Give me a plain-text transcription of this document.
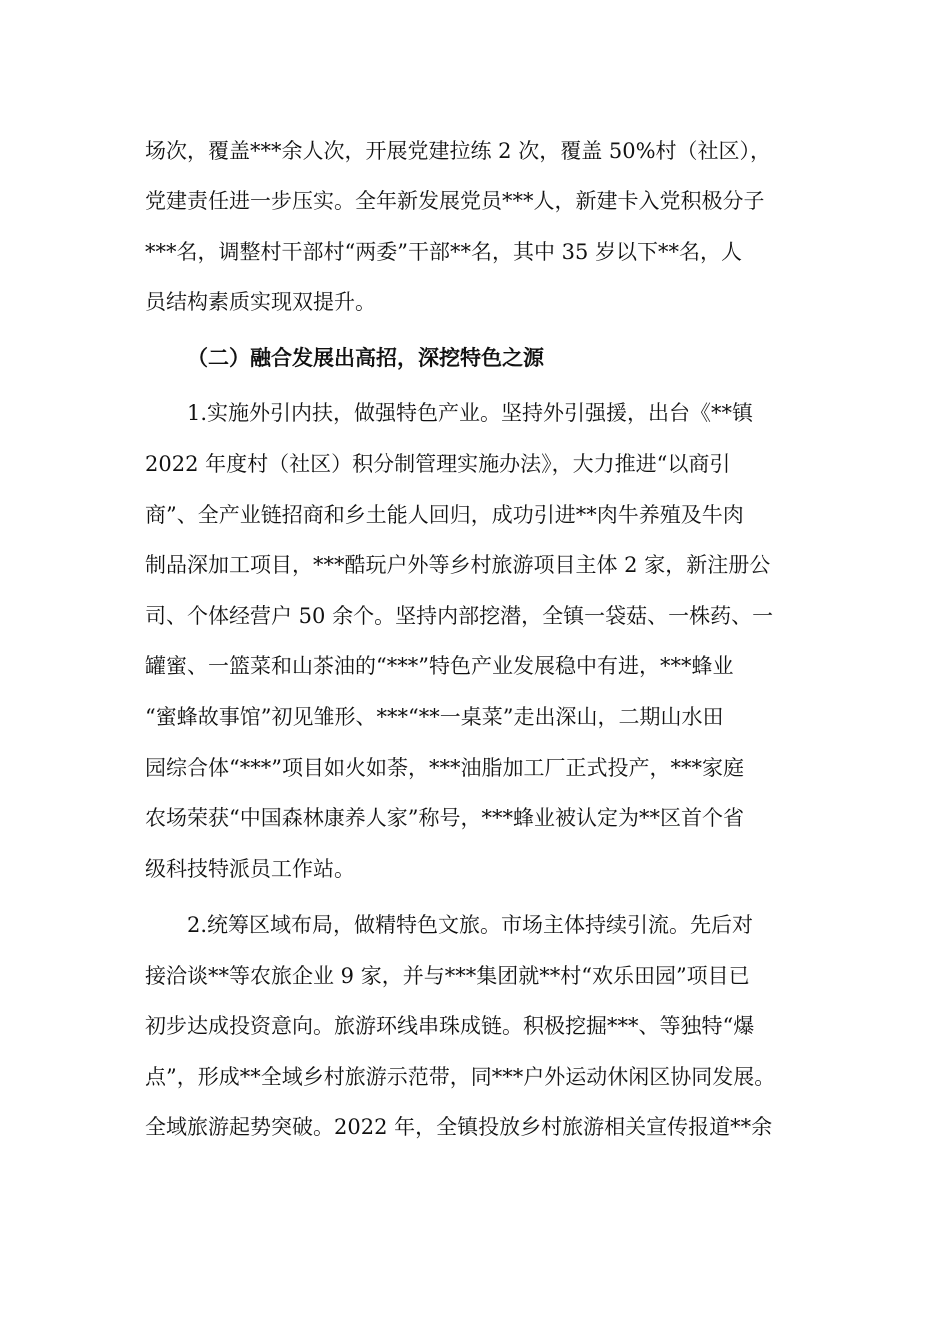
场次，覆盖***余人次，开展党建拉练 2 次，覆盖 50%村（社区），
党建责任进一步压实。全年新发展党员***人，新建卡入党积极分子
***名，调整村干部村“两委”干部**名，其中 35 岁以下**名，人
员结构素质实现双提升。
（二）融合发展出高招，深挖特色之源
1.实施外引内扶，做强特色产业。坚持外引强援，出台《**镇
2022 年度村（社区）积分制管理实施办法》，大力推进“以商引
商”、全产业链招商和乡土能人回归，成功引进**肉牛养殖及牛肉
制品深加工项目，***酷玩户外等乡村旅游项目主体 2 家，新注册公
司、个体经营户 50 余个。坚持内部挖潜，全镇一袋菇、一株药、一
罐蜜、一篮菜和山茶油的“***”特色产业发展稳中有进，***蜂业
“蜜蜂故事馆”初见雏形、***“**一桌菜”走出深山，二期山水田
园综合体“***”项目如火如荼，***油脂加工厂正式投产，***家庭
农场荣获“中国森林康养人家”称号，***蜂业被认定为**区首个省
级科技特派员工作站。
2.统筹区域布局，做精特色文旅。市场主体持续引流。先后对
接洽谈**等农旅企业 9 家，并与***集团就**村“欢乐田园”项目已
初步达成投资意向。旅游环线串珠成链。积极挖掘***、等独特“爆
点”，形成**全域乡村旅游示范带，同***户外运动休闲区协同发展。
全域旅游起势突破。2022 年，全镇投放乡村旅游相关宣传报道**余
